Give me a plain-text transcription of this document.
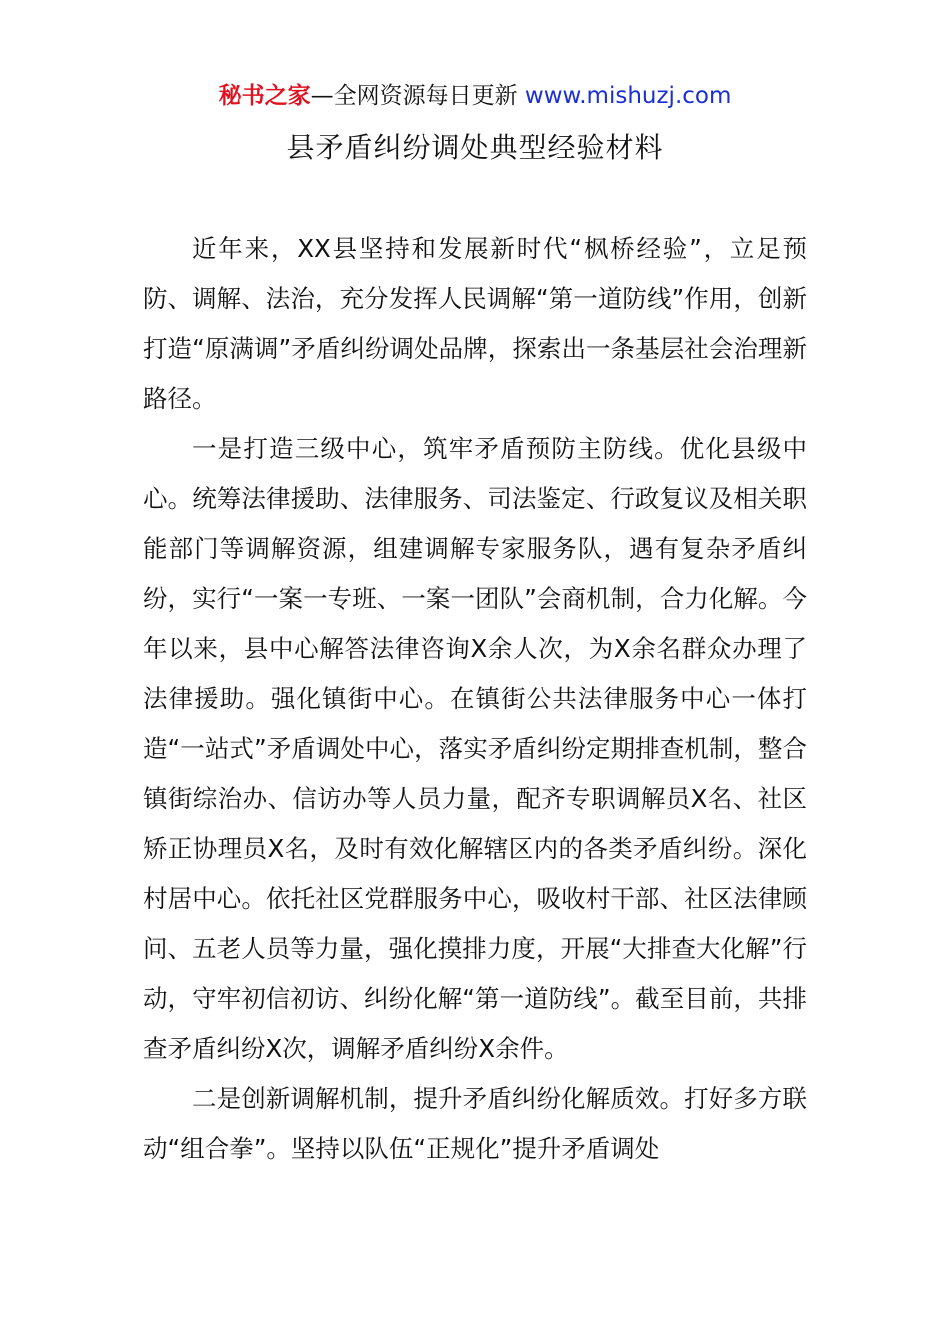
秘书之家—全网资源每日更新 www.mishuzj.com
县矛盾纠纷调处典型经验材料

近年来，XX县坚持和发展新时代“枫桥经验”，立足预防、调解、法治，充分发挥人民调解“第一道防线”作用，创新打造“原满调”矛盾纠纷调处品牌，探索出一条基层社会治理新路径。

一是打造三级中心，筑牢矛盾预防主防线。优化县级中心。统筹法律援助、法律服务、司法鉴定、行政复议及相关职能部门等调解资源，组建调解专家服务队，遇有复杂矛盾纠纷，实行“一案一专班、一案一团队”会商机制，合力化解。今年以来，县中心解答法律咨询X余人次，为X余名群众办理了法律援助。强化镇街中心。在镇街公共法律服务中心一体打造“一站式”矛盾调处中心，落实矛盾纠纷定期排查机制，整合镇街综治办、信访办等人员力量，配齐专职调解员X名、社区矫正协理员X名，及时有效化解辖区内的各类矛盾纠纷。深化村居中心。依托社区党群服务中心，吸收村干部、社区法律顾问、五老人员等力量，强化摸排力度，开展“大排查大化解”行动，守牢初信初访、纠纷化解“第一道防线”。截至目前，共排查矛盾纠纷X次，调解矛盾纠纷X余件。

二是创新调解机制，提升矛盾纠纷化解质效。打好多方联动“组合拳”。坚持以队伍“正规化”提升矛盾调处
